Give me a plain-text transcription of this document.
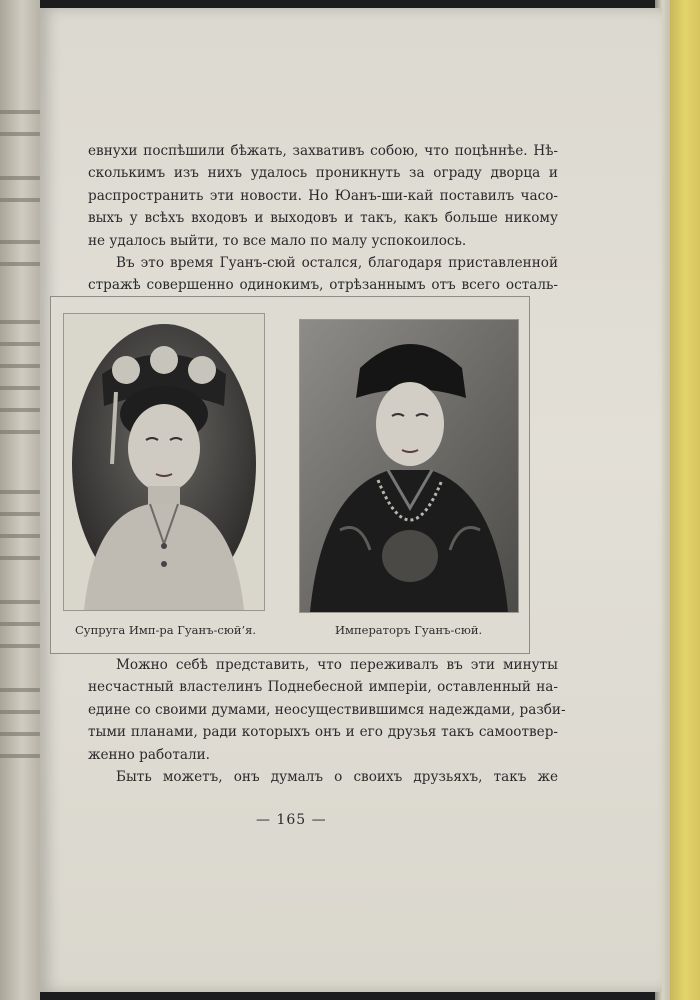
евнухи поспѣшили бѣжать, захвативъ собою, что поцѣннѣе. Нѣ-
сколькимъ изъ нихъ удалось проникнуть за ограду дворца и
распространить эти новости. Но Юанъ-ши-кай поставилъ часо-
выхъ у всѣхъ входовъ и выходовъ и такъ, какъ больше никому
не удалось выйти, то все мало по малу успокоилось.
Въ это время Гуанъ-сюй остался, благодаря приставленной
стражѣ совершенно одинокимъ, отрѣзаннымъ отъ всего осталь-
Супруга Имп-ра Гуанъ-сюй’я.	Императоръ Гуанъ-сюй.
Можно себѣ представить, что переживалъ въ эти минуты
несчастный властелинъ Поднебесной имперіи, оставленный на-
едине со своими думами, неосуществившимся надеждами, разби-
тыми планами, ради которыхъ онъ и его друзья такъ самоотвер-
женно работали.
Быть можетъ, онъ думалъ о своихъ друзьяхъ, такъ же
— 165 —
